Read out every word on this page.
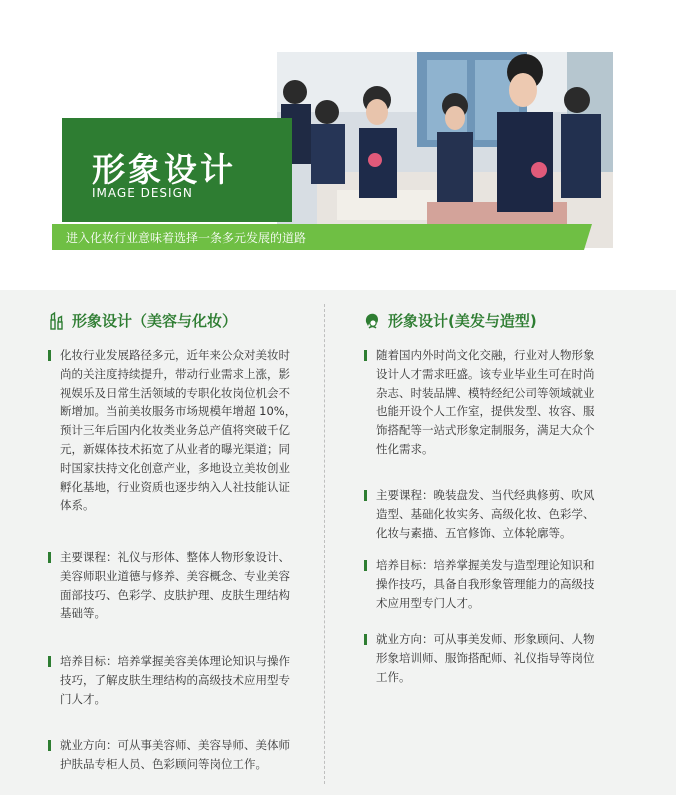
形象设计
IMAGE DESIGN
进入化妆行业意味着选择一条多元发展的道路
形象设计（美容与化妆）

化妆行业发展路径多元，近年来公众对美妆时尚的关注度持续提升，带动行业需求上涨，影视娱乐及日常生活领域的专职化妆岗位机会不断增加。当前美妆服务市场规模年增超 10%，预计三年后国内化妆类业务总产值将突破千亿元，新媒体技术拓宽了从业者的曝光渠道；同时国家扶持文化创意产业，多地设立美妆创业孵化基地，行业资质也逐步纳入人社技能认证体系。

主要课程：礼仪与形体、整体人物形象设计、美容师职业道德与修养、美容概念、专业美容面部技巧、色彩学、皮肤护理、皮肤生理结构基础等。

培养目标：培养掌握美容美体理论知识与操作技巧，了解皮肤生理结构的高级技术应用型专门人才。

就业方向：可从事美容师、美容导师、美体师护肤品专柜人员、色彩顾问等岗位工作。

形象设计(美发与造型)

随着国内外时尚文化交融，行业对人物形象设计人才需求旺盛。该专业毕业生可在时尚杂志、时装品牌、模特经纪公司等领域就业也能开设个人工作室，提供发型、妆容、服饰搭配等一站式形象定制服务，满足大众个性化需求。

主要课程：晚装盘发、当代经典修剪、吹风造型、基础化妆实务、高级化妆、色彩学、化妆与素描、五官修饰、立体轮廓等。

培养目标：培养掌握美发与造型理论知识和操作技巧，具备自我形象管理能力的高级技术应用型专门人才。

就业方向：可从事美发师、形象顾问、人物形象培训师、服饰搭配师、礼仪指导等岗位工作。
